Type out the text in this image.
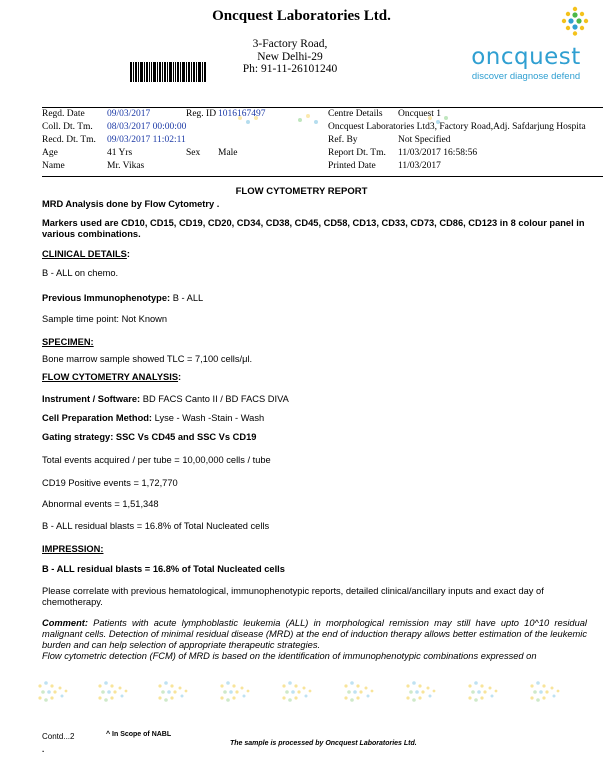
Oncquest Laboratories Ltd.
3-Factory Road,
New Delhi-29
Ph: 91-11-26101240	oncquest
discover diagnose defend
Regd. Date 09/03/2017	Reg. ID 1016167497	Centre Details Oncquest 1
Coll. Dt. Tm. 08/03/2017 00:00:00	Oncquest Laboratories Ltd3, Factory Road,Adj. Safdarjung Hospita
Recd. Dt. Tm. 09/03/2017 11:02:11	Ref. By	Not Specified
Age	41 Yrs	Sex Male	Report Dt. Tm. 11/03/2017 16:58:56
Name	Mr. Vikas	Printed Date 11/03/2017
FLOW CYTOMETRY REPORT
MRD Analysis done by Flow Cytometry .
Markers used are CD10, CD15, CD19, CD20, CD34, CD38, CD45, CD58, CD13, CD33, CD73, CD86, CD123 in 8 colour panel in various combinations.
CLINICAL DETAILS:
B - ALL on chemo.
Previous Immunophenotype: B - ALL
Sample time point: Not Known
SPECIMEN:
Bone marrow sample showed TLC = 7,100 cells/μl.
FLOW CYTOMETRY ANALYSIS:
Instrument / Software: BD FACS Canto II / BD FACS DIVA
Cell Preparation Method: Lyse - Wash -Stain - Wash
Gating strategy: SSC Vs CD45 and SSC Vs CD19
Total events acquired / per tube = 10,00,000 cells / tube
CD19 Positive events = 1,72,770
Abnormal events = 1,51,348
B - ALL residual blasts = 16.8% of Total Nucleated cells
IMPRESSION:
B - ALL residual blasts = 16.8% of Total Nucleated cells
Please correlate with previous hematological, immunophenotypic reports, detailed clinical/ancillary inputs and exact day of chemotherapy.
Comment: Patients with acute lymphoblastic leukemia (ALL) in morphological remission may still have upto 10^10 residual malignant cells. Detection of minimal residual disease (MRD) at the end of induction therapy allows better estimation of the leukemic burden and can help selection of appropriate therapeutic strategies.
Flow cytometric detection (FCM) of MRD is based on the identification of immunophenotypic combinations expressed on
Contd...2	^ In Scope of NABL
.
The sample is processed by Oncquest Laboratories Ltd.
